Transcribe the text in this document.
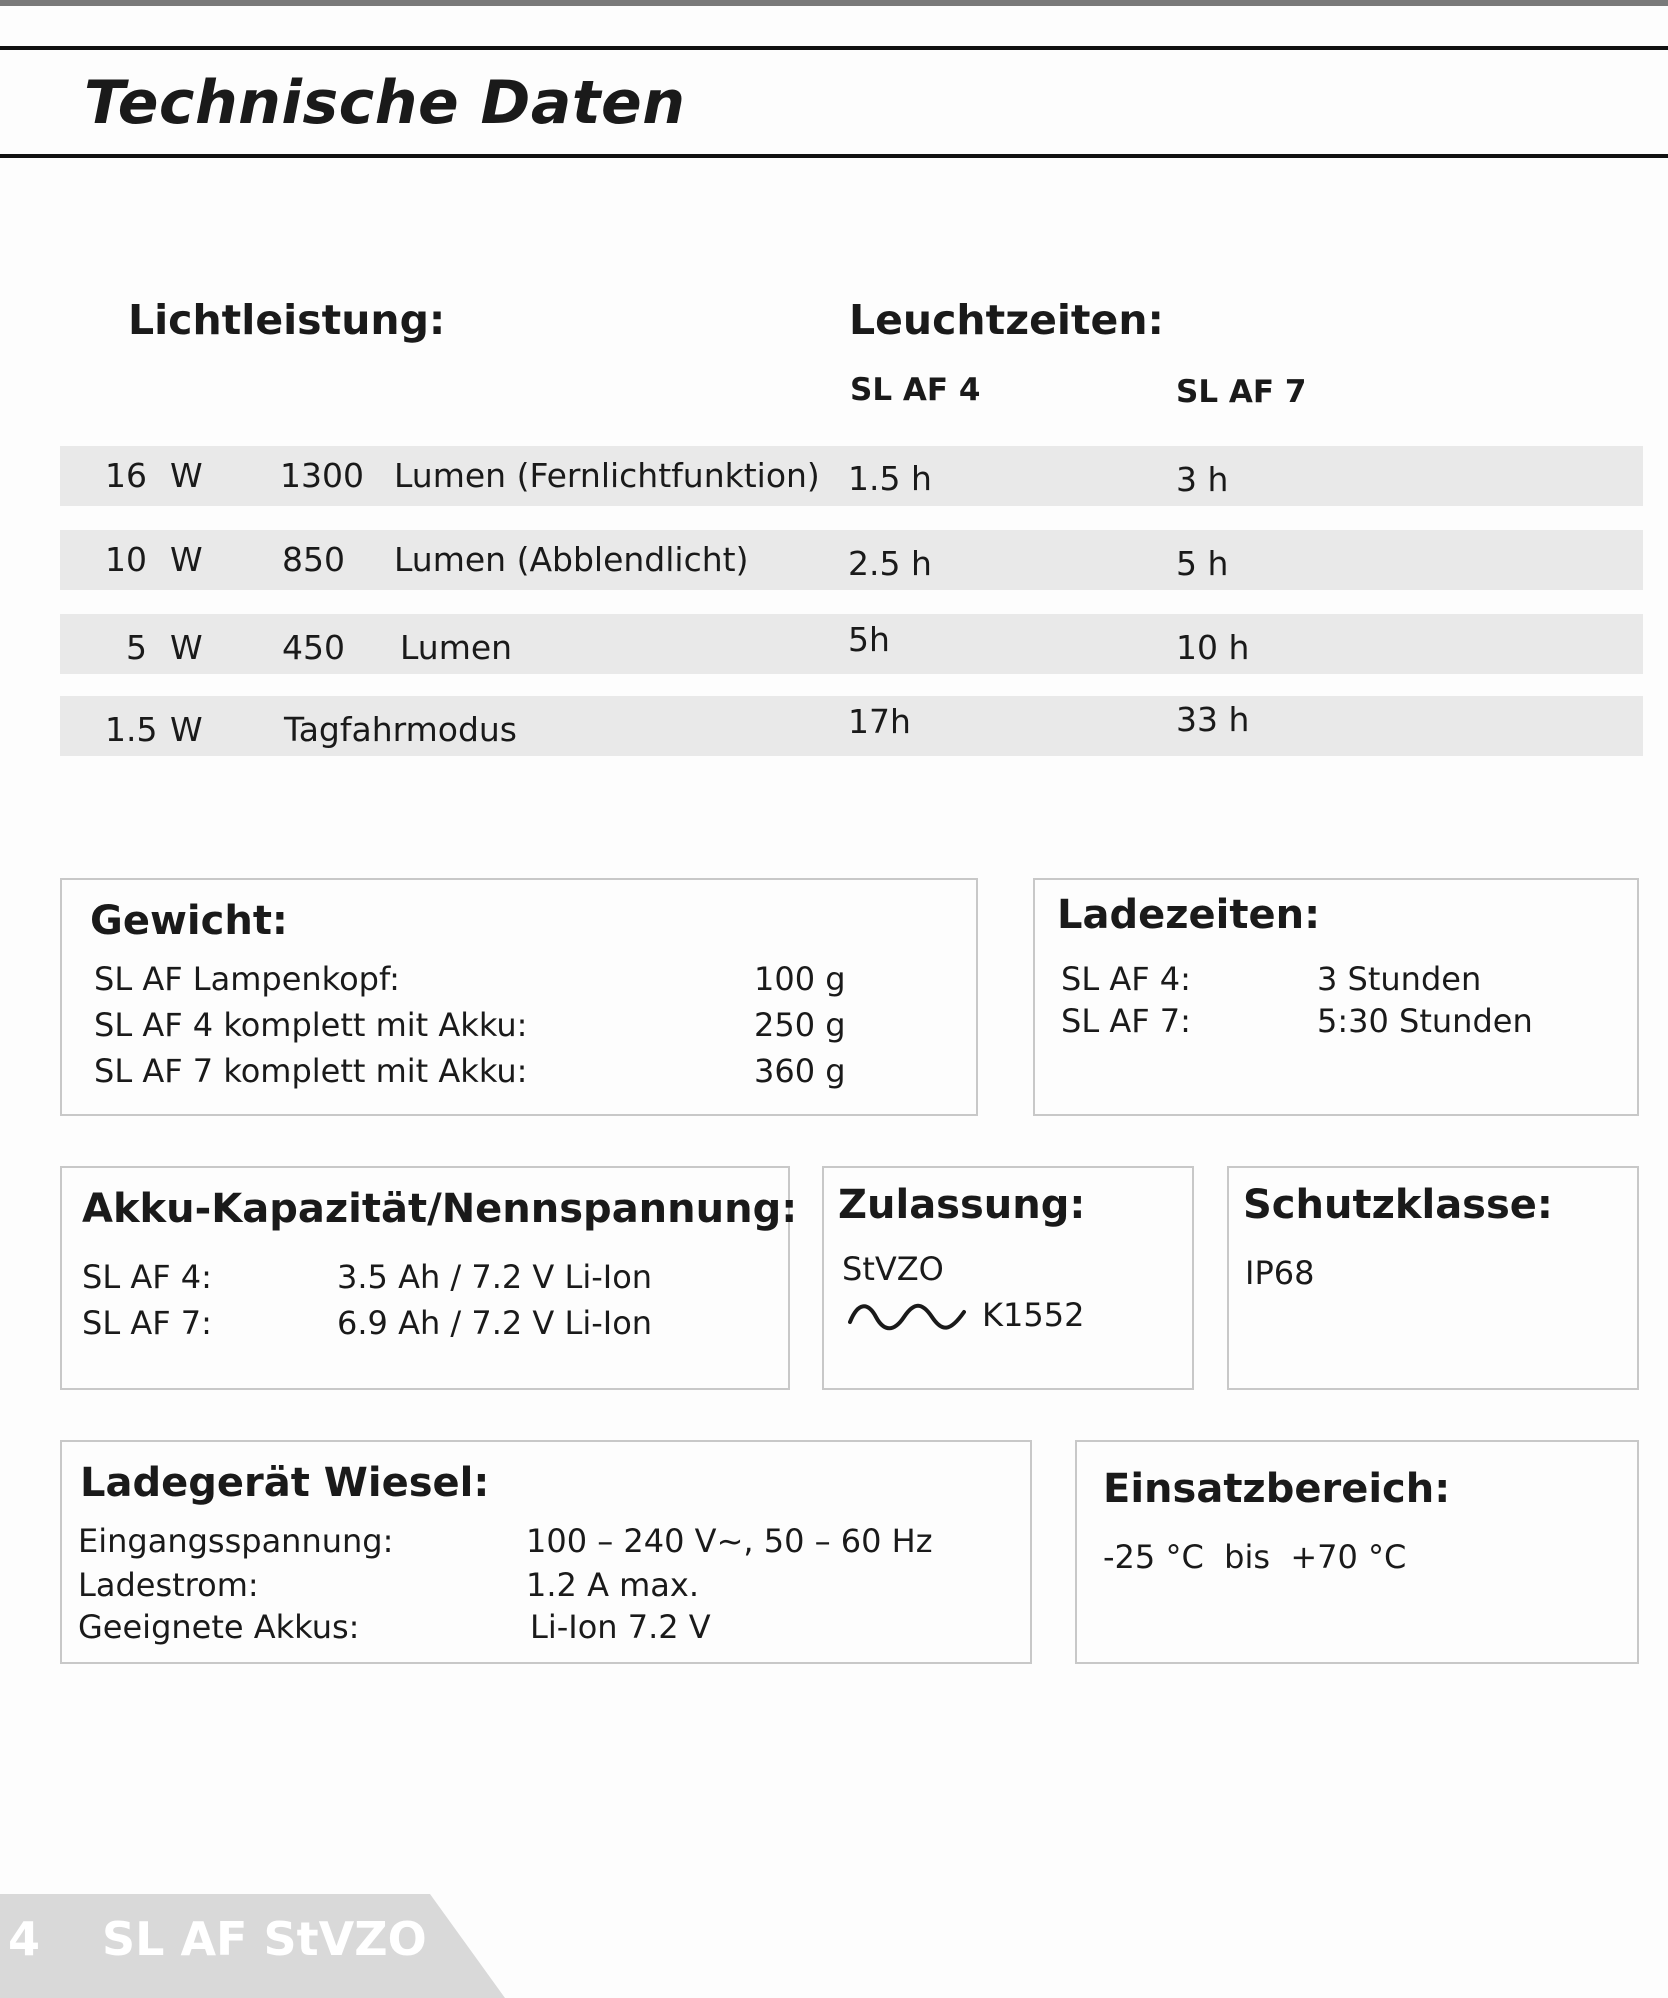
Technische Daten
Lichtleistung:	Leuchtzeiten:
SL AF 4	SL AF 7
16 W 1300 Lumen (Fernlichtfunktion) 1.5 h	3 h
10 W 850 Lumen (Abblendlicht)	2.5 h	5 h
5 W 450 Lumen	5h	10 h
1.5 W Tagfahrmodus	17h	33 h
Gewicht:
SL AF Lampenkopf:	100 g
SL AF 4 komplett mit Akku:	250 g
SL AF 7 komplett mit Akku:	360 g
Ladezeiten:
SL AF 4:	3 Stunden
SL AF 7:	5:30 Stunden
Akku-Kapazität/Nennspannung:
SL AF 4:	3.5 Ah / 7.2 V Li-Ion
SL AF 7:	6.9 Ah / 7.2 V Li-Ion
Zulassung:
StVZO
K1552
Schutzklasse:
IP68
Ladegerät Wiesel:
Eingangsspannung:	100 – 240 V~, 50 – 60 Hz
Ladestrom:	1.2 A max.
Geeignete Akkus:	Li-Ion 7.2 V
Einsatzbereich:
-25 °C  bis  +70 °C
4 SL AF StVZO
